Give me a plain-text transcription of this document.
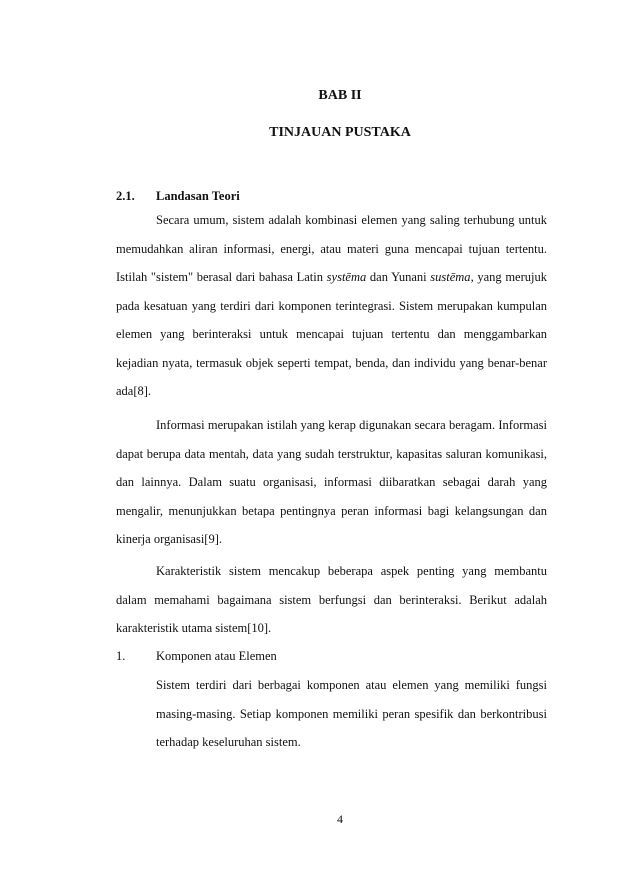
BAB II
TINJAUAN PUSTAKA
2.1. Landasan Teori

Secara umum, sistem adalah kombinasi elemen yang saling terhubung untuk memudahkan aliran informasi, energi, atau materi guna mencapai tujuan tertentu. Istilah "sistem" berasal dari bahasa Latin systēma dan Yunani sustēma, yang merujuk pada kesatuan yang terdiri dari komponen terintegrasi. Sistem merupakan kumpulan elemen yang berinteraksi untuk mencapai tujuan tertentu dan menggambarkan kejadian nyata, termasuk objek seperti tempat, benda, dan individu yang benar-benar ada[8].

Informasi merupakan istilah yang kerap digunakan secara beragam. Informasi dapat berupa data mentah, data yang sudah terstruktur, kapasitas saluran komunikasi, dan lainnya. Dalam suatu organisasi, informasi diibaratkan sebagai darah yang mengalir, menunjukkan betapa pentingnya peran informasi bagi kelangsungan dan kinerja organisasi[9].

Karakteristik sistem mencakup beberapa aspek penting yang membantu dalam memahami bagaimana sistem berfungsi dan berinteraksi. Berikut adalah karakteristik utama sistem[10].

1. Komponen atau Elemen

Sistem terdiri dari berbagai komponen atau elemen yang memiliki fungsi masing-masing. Setiap komponen memiliki peran spesifik dan berkontribusi terhadap keseluruhan sistem.

4
